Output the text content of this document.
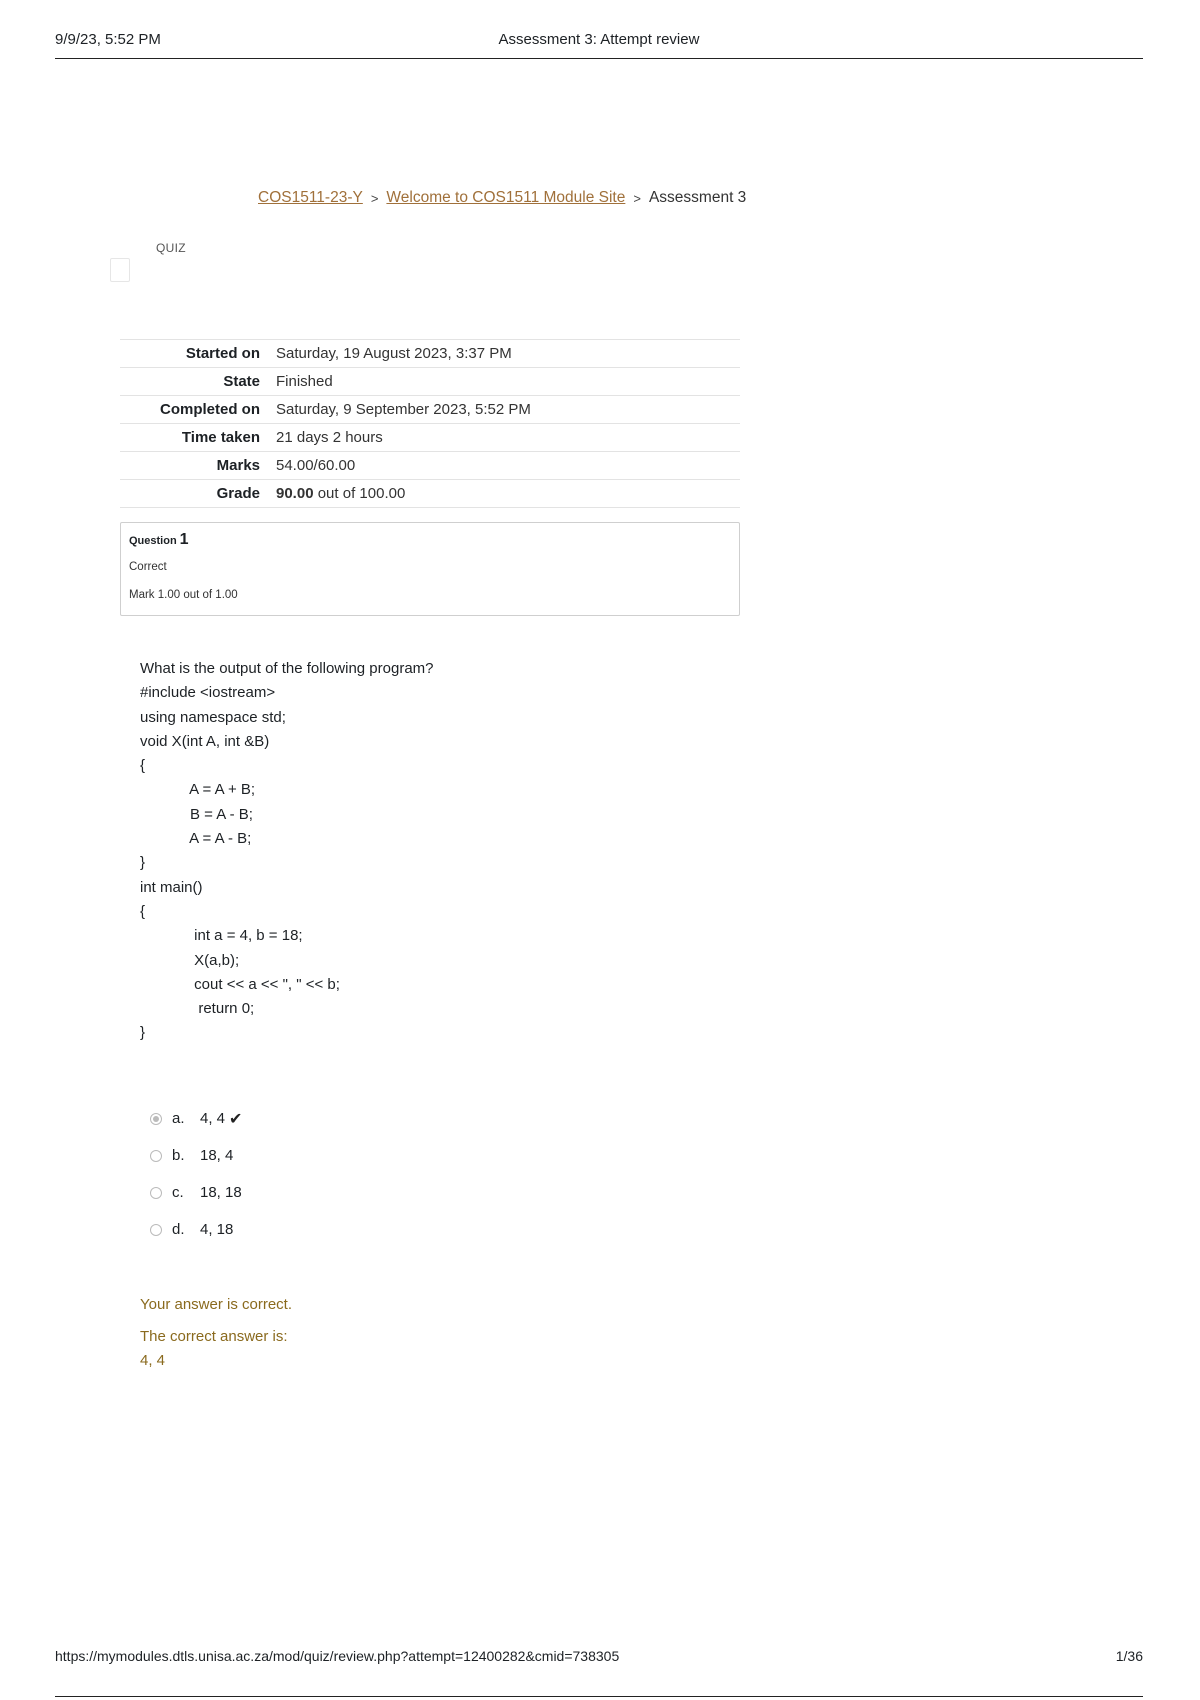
9/9/23, 5:52 PM	Assessment 3: Attempt review
COS1511-23-Y > Welcome to COS1511 Module Site > Assessment 3
QUIZ
Started on	Saturday, 19 August 2023, 3:37 PM
State	Finished
Completed on	Saturday, 9 September 2023, 5:52 PM
Time taken	21 days 2 hours
Marks	54.00/60.00
Grade	90.00 out of 100.00
Question 1
Correct
Mark 1.00 out of 1.00
What is the output of the following program?
#include <iostream>
using namespace std;
void X(int A, int &B)
{
A = A + B;
B = A - B;
A = A - B;
}
int main()
{
int a = 4, b = 18;
X(a,b);
cout << a << ", " << b;
return 0;
}
a.	4, 4 ✔
b.	18, 4
c.	18, 18
d.	4, 18
Your answer is correct.
The correct answer is:
4, 4
https://mymodules.dtls.unisa.ac.za/mod/quiz/review.php?attempt=12400282&cmid=738305	1/36
